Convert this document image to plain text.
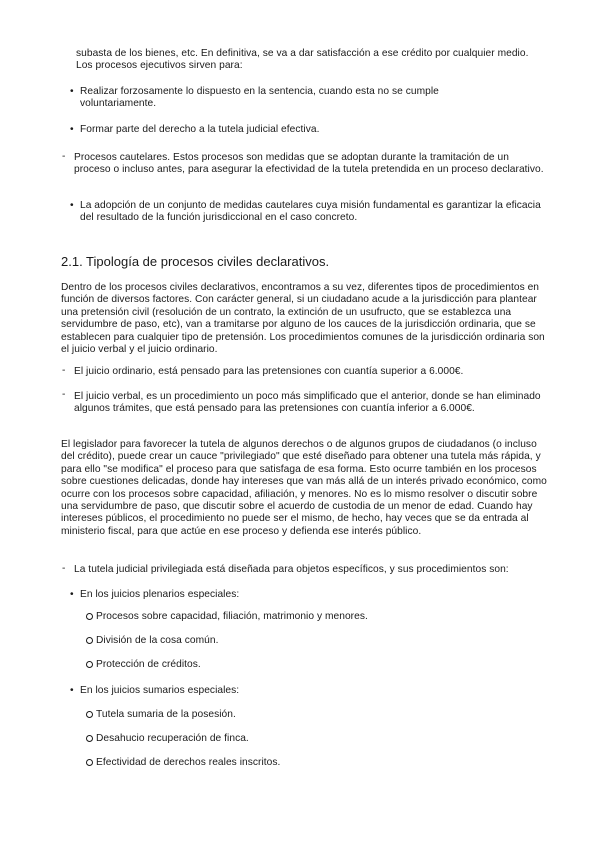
subasta de los bienes, etc. En definitiva, se va a dar satisfacción a ese crédito por cualquier medio. Los procesos ejecutivos sirven para:

• Realizar forzosamente lo dispuesto en la sentencia, cuando esta no se cumple voluntariamente.

• Formar parte del derecho a la tutela judicial efectiva.

- Procesos cautelares. Estos procesos son medidas que se adoptan durante la tramitación de un proceso o incluso antes, para asegurar la efectividad de la tutela pretendida en un proceso declarativo.

• La adopción de un conjunto de medidas cautelares cuya misión fundamental es garantizar la eficacia del resultado de la función jurisdiccional en el caso concreto.

2.1. Tipología de procesos civiles declarativos.

Dentro de los procesos civiles declarativos, encontramos a su vez, diferentes tipos de procedimientos en función de diversos factores. Con carácter general, si un ciudadano acude a la jurisdicción para plantear una pretensión civil (resolución de un contrato, la extinción de un usufructo, que se establezca una servidumbre de paso, etc), van a tramitarse por alguno de los cauces de la jurisdicción ordinaria, que se establecen para cualquier tipo de pretensión. Los procedimientos comunes de la jurisdicción ordinaria son el juicio verbal y el juicio ordinario.

- El juicio ordinario, está pensado para las pretensiones con cuantía superior a 6.000€.

- El juicio verbal, es un procedimiento un poco más simplificado que el anterior, donde se han eliminado algunos trámites, que está pensado para las pretensiones con cuantía inferior a 6.000€.

El legislador para favorecer la tutela de algunos derechos o de algunos grupos de ciudadanos (o incluso del crédito), puede crear un cauce "privilegiado" que esté diseñado para obtener una tutela más rápida, y para ello "se modifica" el proceso para que satisfaga de esa forma. Esto ocurre también en los procesos sobre cuestiones delicadas, donde hay intereses que van más allá de un interés privado económico, como ocurre con los procesos sobre capacidad, afiliación, y menores. No es lo mismo resolver o discutir sobre una servidumbre de paso, que discutir sobre el acuerdo de custodia de un menor de edad. Cuando hay intereses públicos, el procedimiento no puede ser el mismo, de hecho, hay veces que se da entrada al ministerio fiscal, para que actúe en ese proceso y defienda ese interés público.

- La tutela judicial privilegiada está diseñada para objetos específicos, y sus procedimientos son:

• En los juicios plenarios especiales:

Procesos sobre capacidad, filiación, matrimonio y menores.

División de la cosa común.

Protección de créditos.

• En los juicios sumarios especiales:

Tutela sumaria de la posesión.

Desahucio recuperación de finca.

Efectividad de derechos reales inscritos.
